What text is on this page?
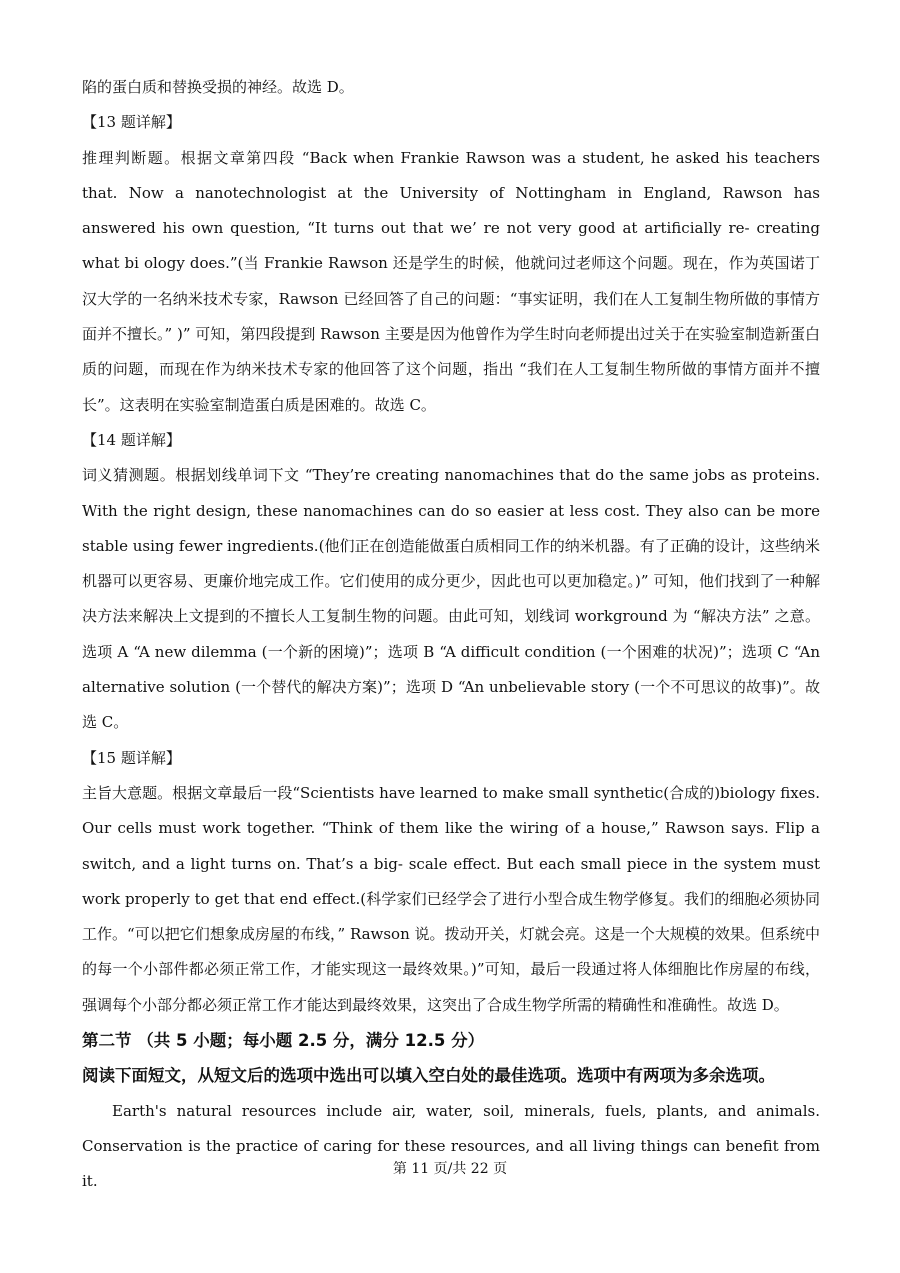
陷的蛋白质和替换受损的神经。故选 D。

【13 题详解】

推理判断题。根据文章第四段 “Back when Frankie Rawson was a student, he asked his teachers that. Now a nanotechnologist at the University of Nottingham in England, Rawson has answered his own question, “It turns out that we’ re not very good at artificially re- creating what bi ology does.”(当 Frankie Rawson 还是学生的时候，他就问过老师这个问题。现在，作为英国诺丁汉大学的一名纳米技术专家，Rawson 已经回答了自己的问题：“事实证明，我们在人工复制生物所做的事情方面并不擅长。” )” 可知，第四段提到 Rawson 主要是因为他曾作为学生时向老师提出过关于在实验室制造新蛋白质的问题，而现在作为纳米技术专家的他回答了这个问题，指出 “我们在人工复制生物所做的事情方面并不擅长”。这表明在实验室制造蛋白质是困难的。故选 C。

【14 题详解】

词义猜测题。根据划线单词下文 “They’re creating nanomachines that do the same jobs as proteins. With the right design, these nanomachines can do so easier at less cost. They also can be more stable using fewer ingredients.(他们正在创造能做蛋白质相同工作的纳米机器。有了正确的设计，这些纳米机器可以更容易、更廉价地完成工作。它们使用的成分更少，因此也可以更加稳定。)” 可知，他们找到了一种解决方法来解决上文提到的不擅长人工复制生物的问题。由此可知，划线词 workground 为 “解决方法” 之意。选项 A “A new dilemma (一个新的困境)”；选项 B “A difficult condition (一个困难的状况)”；选项 C “An alternative solution (一个替代的解决方案)”；选项 D “An unbelievable story (一个不可思议的故事)”。故选 C。

【15 题详解】

主旨大意题。根据文章最后一段“Scientists have learned to make small synthetic(合成的)biology fixes. Our cells must work together. “Think of them like the wiring of a house,” Rawson says. Flip a switch, and a light turns on. That’s a big- scale effect. But each small piece in the system must work properly to get that end effect.(科学家们已经学会了进行小型合成生物学修复。我们的细胞必须协同工作。“可以把它们想象成房屋的布线，” Rawson 说。拨动开关，灯就会亮。这是一个大规模的效果。但系统中的每一个小部件都必须正常工作，才能实现这一最终效果。)”可知，最后一段通过将人体细胞比作房屋的布线，强调每个小部分都必须正常工作才能达到最终效果，这突出了合成生物学所需的精确性和准确性。故选 D。

第二节 （共 5 小题；每小题 2.5 分，满分 12.5 分）
阅读下面短文，从短文后的选项中选出可以填入空白处的最佳选项。选项中有两项为多余选项。

Earth's natural resources include air, water, soil, minerals, fuels, plants, and animals. Conservation is the practice of caring for these resources, and all living things can benefit from it.

第 11 页/共 22 页
